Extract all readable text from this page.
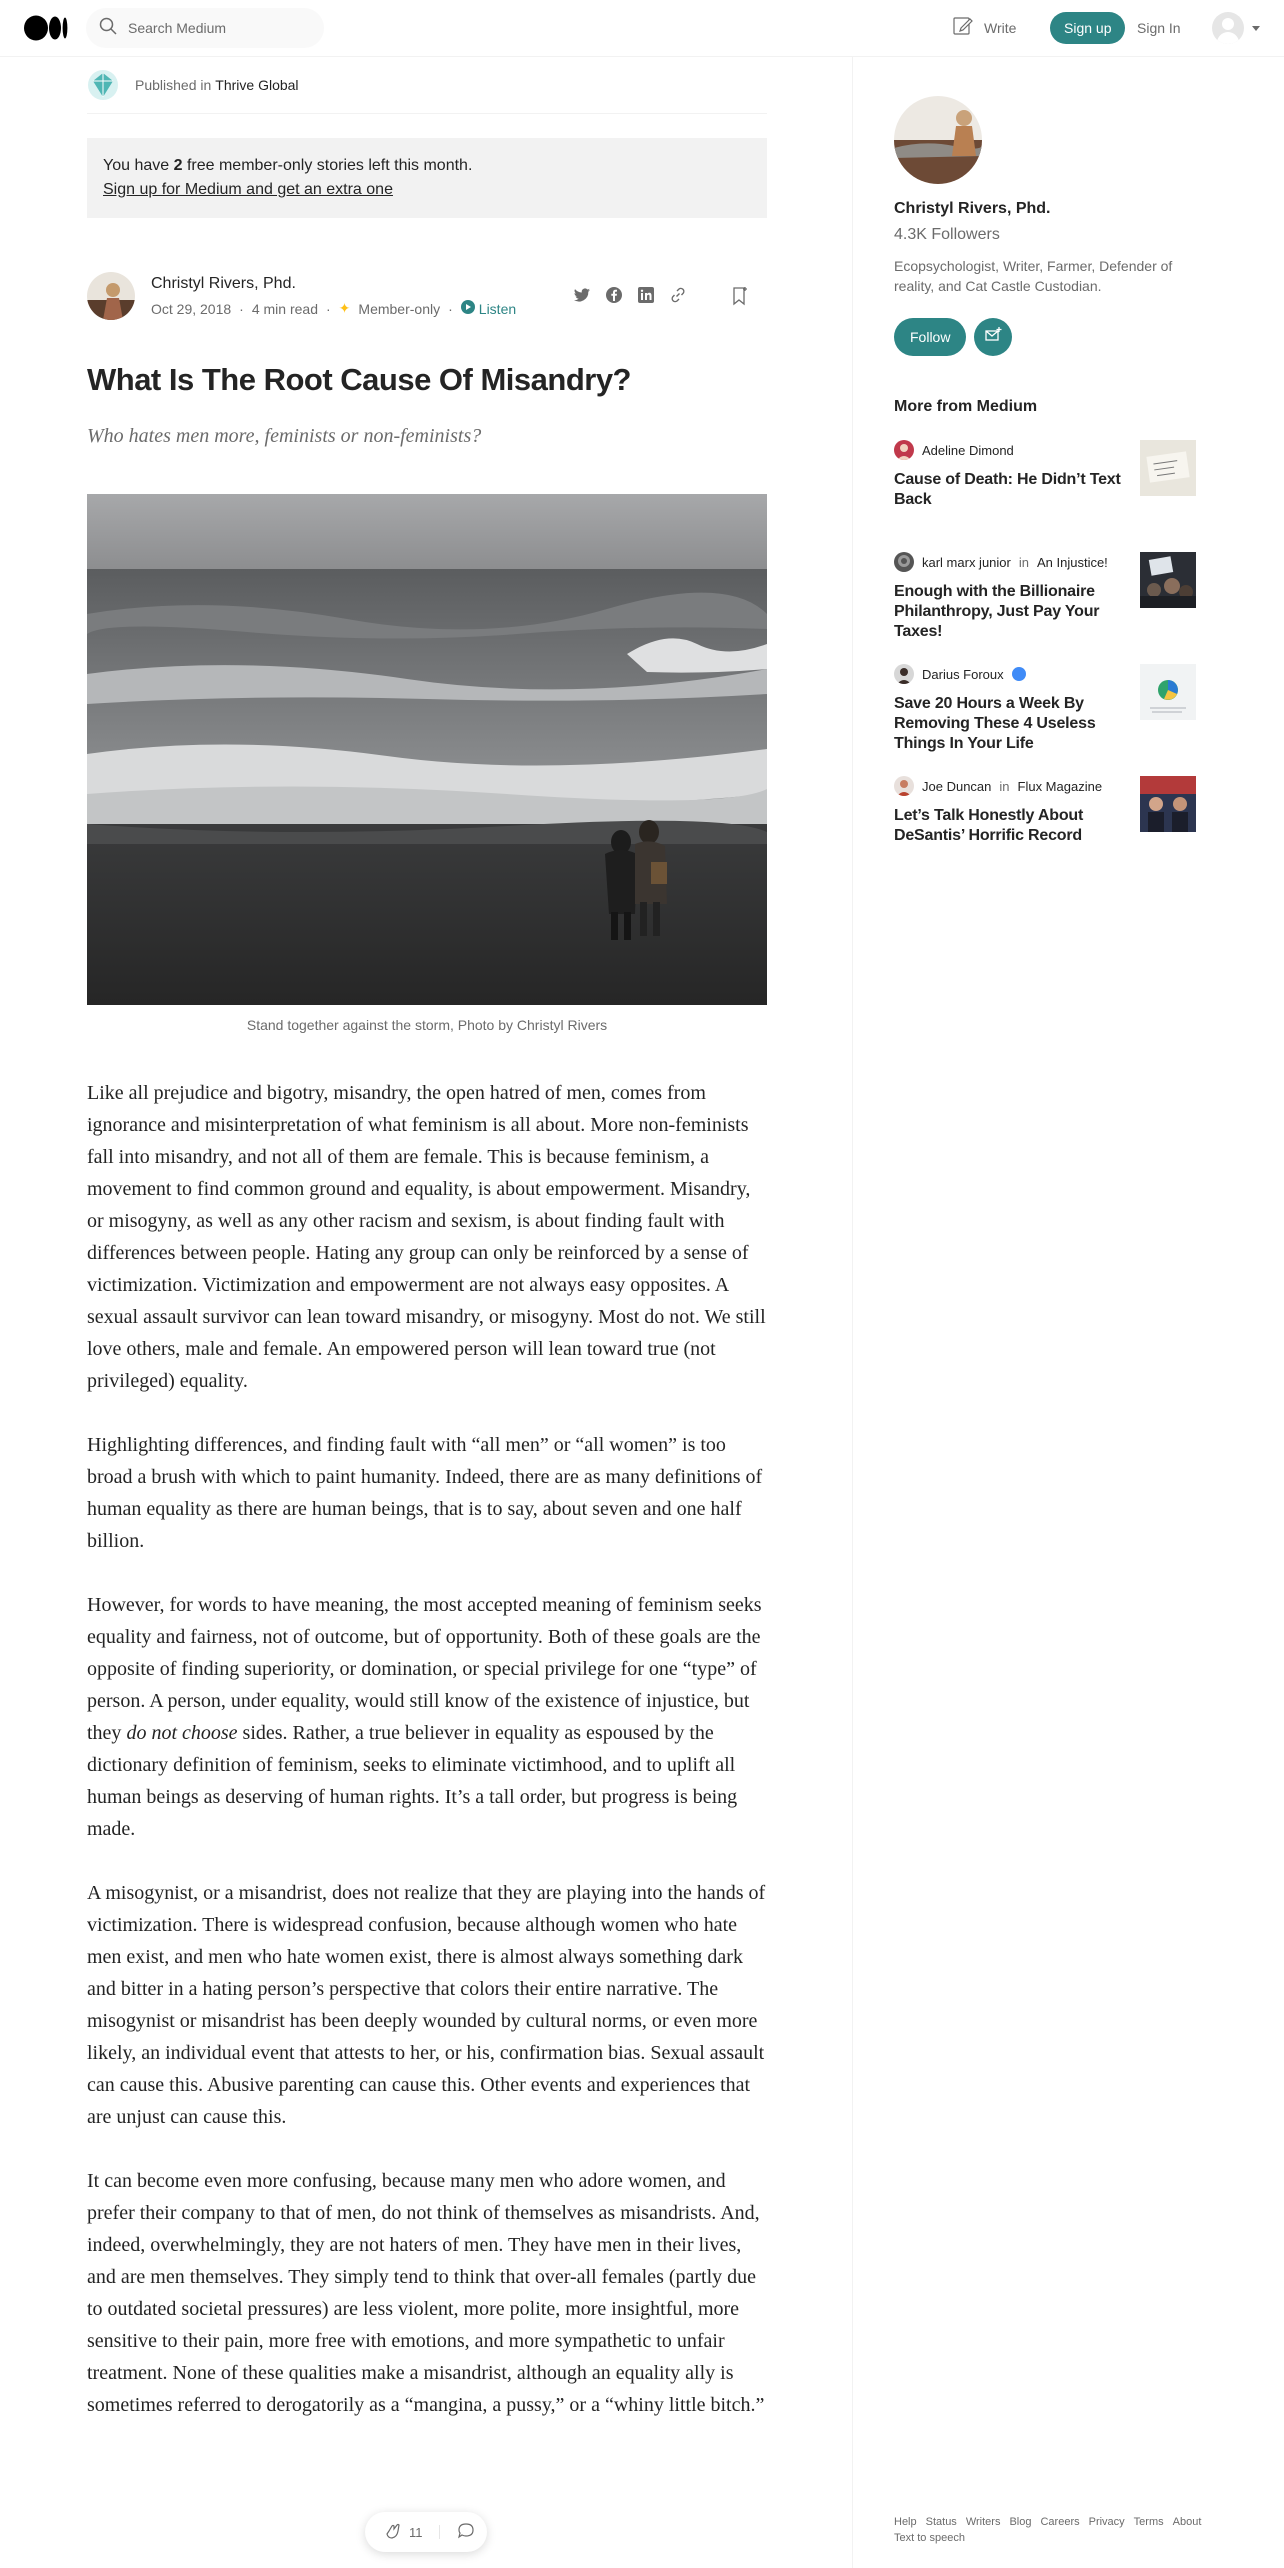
Search Medium
Write	Sign up	Sign In
Published in Thrive Global
You have 2 free member-only stories left this month.
Sign up for Medium and get an extra one
Christyl Rivers, Phd.
Oct 29, 2018 · 4 min read · ✦ Member-only · Listen
What Is The Root Cause Of Misandry?
Who hates men more, feminists or non-feminists?
Stand together against the storm, Photo by Christyl Rivers

Like all prejudice and bigotry, misandry, the open hatred of men, comes from ignorance and misinterpretation of what feminism is all about. More non-feminists fall into misandry, and not all of them are female. This is because feminism, a movement to find common ground and equality, is about empowerment. Misandry, or misogyny, as well as any other racism and sexism, is about finding fault with differences between people. Hating any group can only be reinforced by a sense of victimization. Victimization and empowerment are not always easy opposites. A sexual assault survivor can lean toward misandry, or misogyny. Most do not. We still love others, male and female. An empowered person will lean toward true (not privileged) equality.

Highlighting differences, and finding fault with “all men” or “all women” is too broad a brush with which to paint humanity. Indeed, there are as many definitions of human equality as there are human beings, that is to say, about seven and one half billion.

However, for words to have meaning, the most accepted meaning of feminism seeks equality and fairness, not of outcome, but of opportunity. Both of these goals are the opposite of finding superiority, or domination, or special privilege for one “type” of person. A person, under equality, would still know of the existence of injustice, but they do not choose sides. Rather, a true believer in equality as espoused by the dictionary definition of feminism, seeks to eliminate victimhood, and to uplift all human beings as deserving of human rights. It’s a tall order, but progress is being made.

A misogynist, or a misandrist, does not realize that they are playing into the hands of victimization. There is widespread confusion, because although women who hate men exist, and men who hate women exist, there is almost always something dark and bitter in a hating person’s perspective that colors their entire narrative. The misogynist or misandrist has been deeply wounded by cultural norms, or even more likely, an individual event that attests to her, or his, confirmation bias. Sexual assault can cause this. Abusive parenting can cause this. Other events and experiences that are unjust can cause this.

It can become even more confusing, because many men who adore women, and prefer their company to that of men, do not think of themselves as misandrists. And, indeed, overwhelmingly, they are not haters of men. They have men in their lives, and are men themselves. They simply tend to think that over-all females (partly due to outdated societal pressures) are less violent, more polite, more insightful, more sensitive to their pain, more free with emotions, and more sympathetic to unfair treatment. None of these qualities make a misandrist, although an equality ally is sometimes referred to derogatorily as a “mangina, a pussy,” or a “whiny little bitch.”

Christyl Rivers, Phd.
4.3K Followers
Ecopsychologist, Writer, Farmer, Defender of reality, and Cat Castle Custodian.
Follow
More from Medium
Adeline Dimond
Cause of Death: He Didn’t Text Back
karl marx junior in An Injustice!
Enough with the Billionaire Philanthropy, Just Pay Your Taxes!
Darius Foroux
Save 20 Hours a Week By Removing These 4 Useless Things In Your Life
Joe Duncan in Flux Magazine
Let’s Talk Honestly About DeSantis’ Horrific Record
Help Status Writers Blog Careers Privacy Terms About
Text to speech
11
